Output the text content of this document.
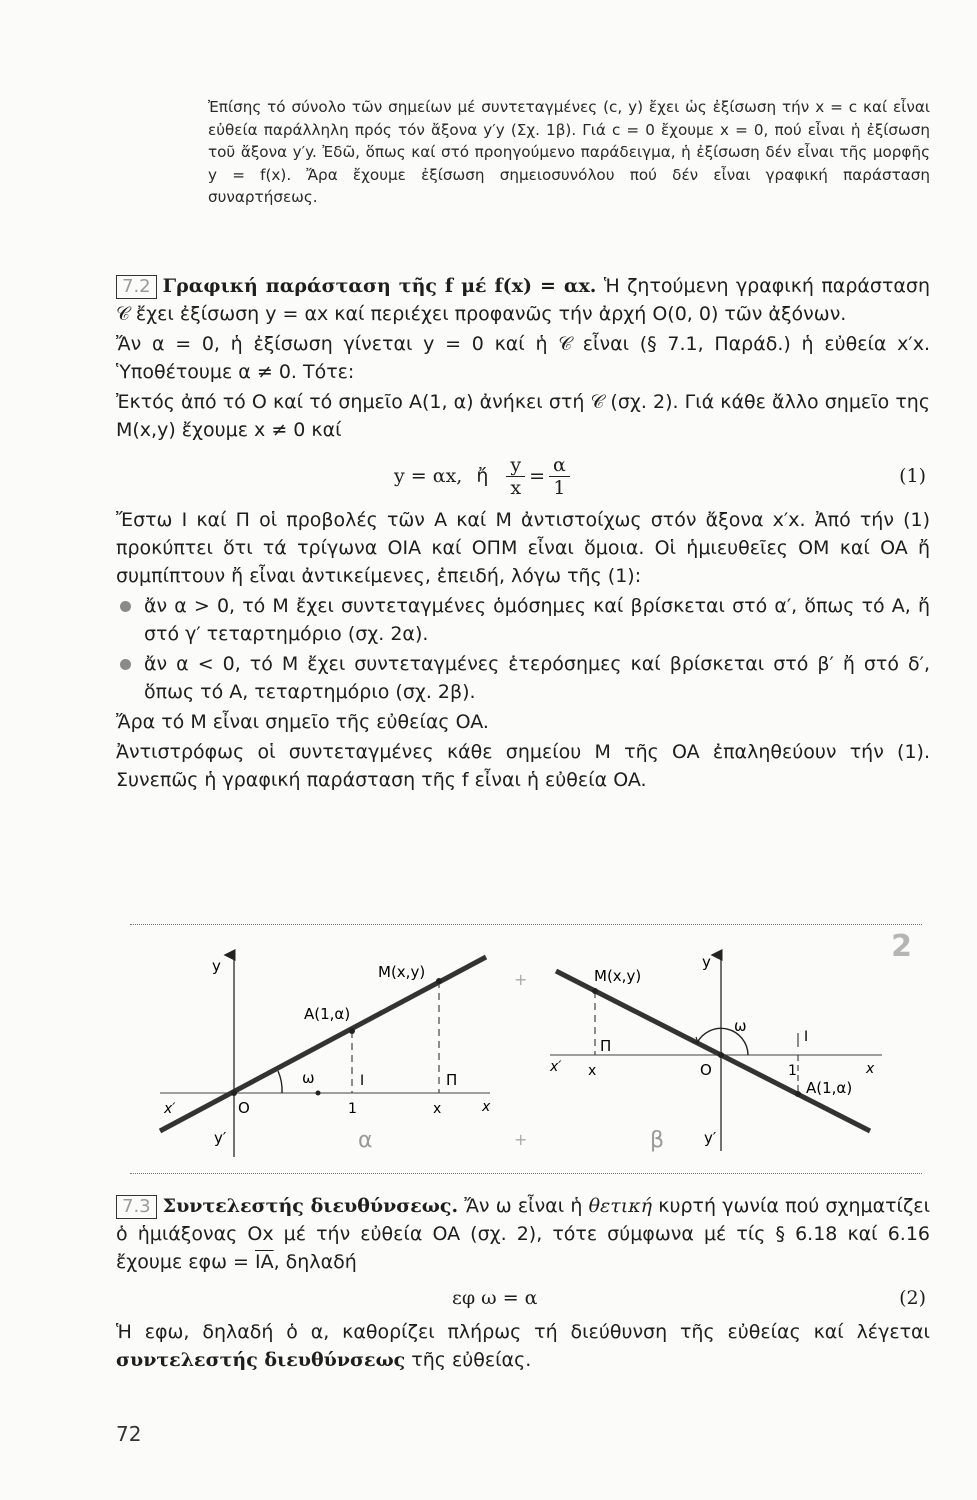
Ἐπίσης τό σύνολο τῶν σημείων μέ συντεταγμένες (c, y) ἔχει ὡς ἐξίσωση τήν x = c καί εἶναι εὐθεία παράλληλη πρός τόν ἄξονα y′y (Σχ. 1β). Γιά c = 0 ἔχουμε x = 0, πού εἶναι ἡ ἐξίσωση τοῦ ἄξονα y′y. Ἐδῶ, ὅπως καί στό προηγούμενο παράδειγμα, ἡ ἐξίσωση δέν εἶναι τῆς μορφῆς y = f(x). Ἄρα ἔχουμε ἐξίσωση σημειοσυνόλου πού δέν εἶναι γραφική παράσταση συναρτήσεως.

7.2 Γραφική παράσταση τῆς f μέ f(x) = αx. Ἡ ζητούμενη γραφική παράσταση 𝒞 ἔχει ἐξίσωση y = αx καί περιέχει προφανῶς τήν ἀρχή O(0, 0) τῶν ἀξόνων.

Ἄν α = 0, ἡ ἐξίσωση γίνεται y = 0 καί ἡ 𝒞 εἶναι (§ 7.1, Παράδ.) ἡ εὐθεία x′x. Ὑποθέτουμε α ≠ 0. Τότε:

Ἐκτός ἀπό τό O καί τό σημεῖο A(1, α) ἀνήκει στή 𝒞 (σχ. 2). Γιά κάθε ἄλλο σημεῖο της M(x,y) ἔχουμε x ≠ 0 καί

y = αx, ἤ $\frac{y}{x} = \frac{\alpha}{1}$	(1)

Ἔστω I καί Π οἱ προβολές τῶν A καί M ἀντιστοίχως στόν ἄξονα x′x. Ἀπό τήν (1) προκύπτει ὅτι τά τρίγωνα OIA καί OΠM εἶναι ὅμοια. Οἱ ἡμιευθεῖες OM καί OA ἤ συμπίπτουν ἤ εἶναι ἀντικείμενες, ἐπειδή, λόγω τῆς (1):

ἄν α > 0, τό M ἔχει συντεταγμένες ὁμόσημες καί βρίσκεται στό α′, ὅπως τό A, ἤ στό γ′ τεταρτημόριο (σχ. 2α).

ἄν α < 0, τό M ἔχει συντεταγμένες ἑτερόσημες καί βρίσκεται στό β′ ἤ στό δ′, ὅπως τό A, τεταρτημόριο (σχ. 2β).

Ἄρα τό M εἶναι σημεῖο τῆς εὐθείας OA.

Ἀντιστρόφως οἱ συντεταγμένες κάθε σημείου M τῆς OA ἐπαληθεύουν τήν (1). Συνεπῶς ἡ γραφική παράσταση τῆς f εἶναι ἡ εὐθεία OA.

2
y
y′
x′	O	1	x	x
A(1,α)
M(x,y)
I	Π
ω
α
+
+
y
y′
x′ x	x
O	1
A(1,α)
M(x,y)
I
Π
ω
β

7.3 Συντελεστής διευθύνσεως. Ἄν ω εἶναι ἡ θετική κυρτή γωνία πού σχηματίζει ὁ ἡμιάξονας Ox μέ τήν εὐθεία OA (σχ. 2), τότε σύμφωνα μέ τίς § 6.18 καί 6.16 ἔχουμε $\varepsilon\varphi\omega = \overline{IA}$, δηλαδή

εφ ω = α	(2)

Ἡ εφω, δηλαδή ὁ α, καθορίζει πλήρως τή διεύθυνση τῆς εὐθείας καί λέγεται συντελεστής διευθύνσεως τῆς εὐθείας.

72
